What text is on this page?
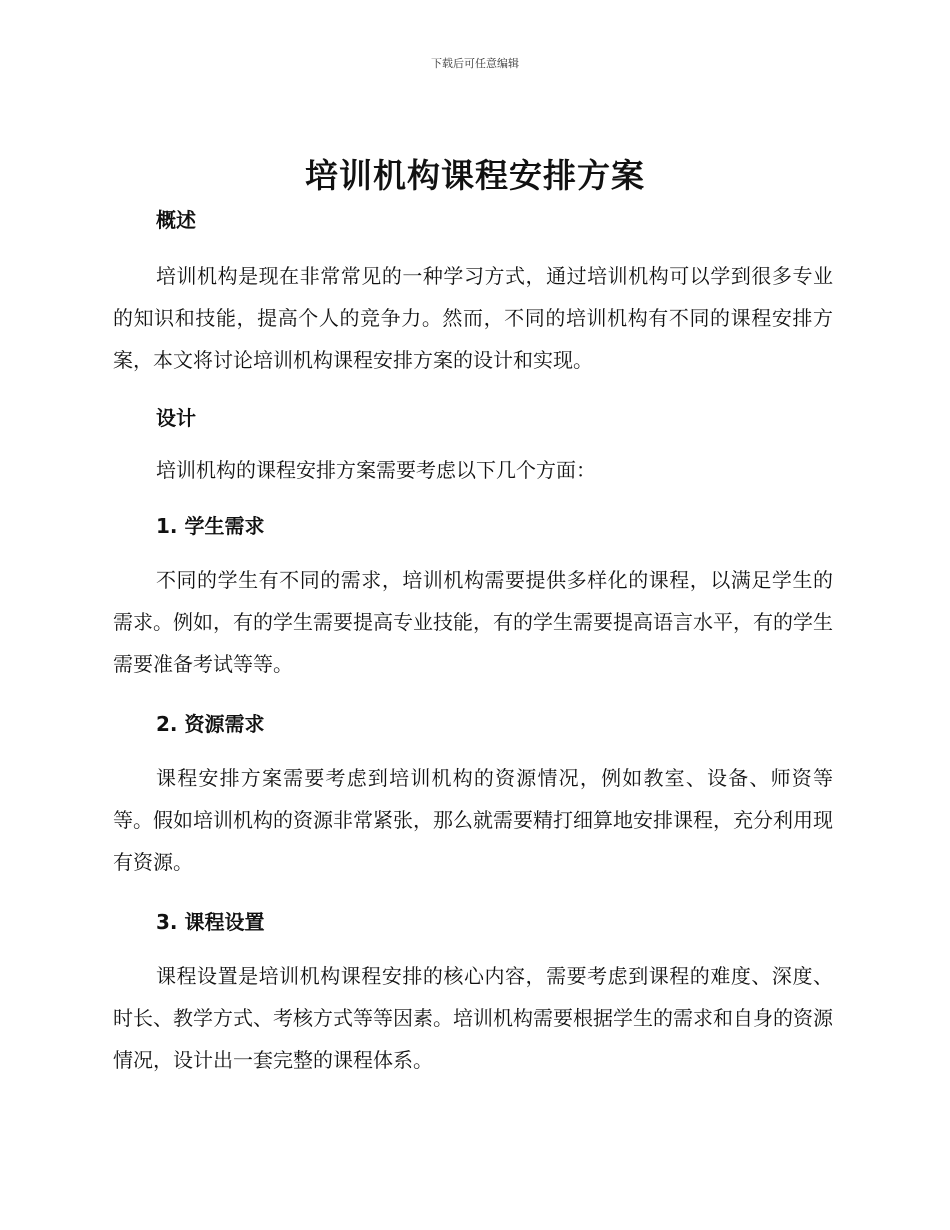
下载后可任意编辑
培训机构课程安排方案
概述

培训机构是现在非常常见的一种学习方式，通过培训机构可以学到很多专业的知识和技能，提高个人的竞争力。然而，不同的培训机构有不同的课程安排方案，本文将讨论培训机构课程安排方案的设计和实现。

设计

培训机构的课程安排方案需要考虑以下几个方面：

1. 学生需求

不同的学生有不同的需求，培训机构需要提供多样化的课程，以满足学生的需求。例如，有的学生需要提高专业技能，有的学生需要提高语言水平，有的学生需要准备考试等等。

2. 资源需求

课程安排方案需要考虑到培训机构的资源情况，例如教室、设备、师资等等。假如培训机构的资源非常紧张，那么就需要精打细算地安排课程，充分利用现有资源。

3. 课程设置

课程设置是培训机构课程安排的核心内容，需要考虑到课程的难度、深度、时长、教学方式、考核方式等等因素。培训机构需要根据学生的需求和自身的资源情况，设计出一套完整的课程体系。
